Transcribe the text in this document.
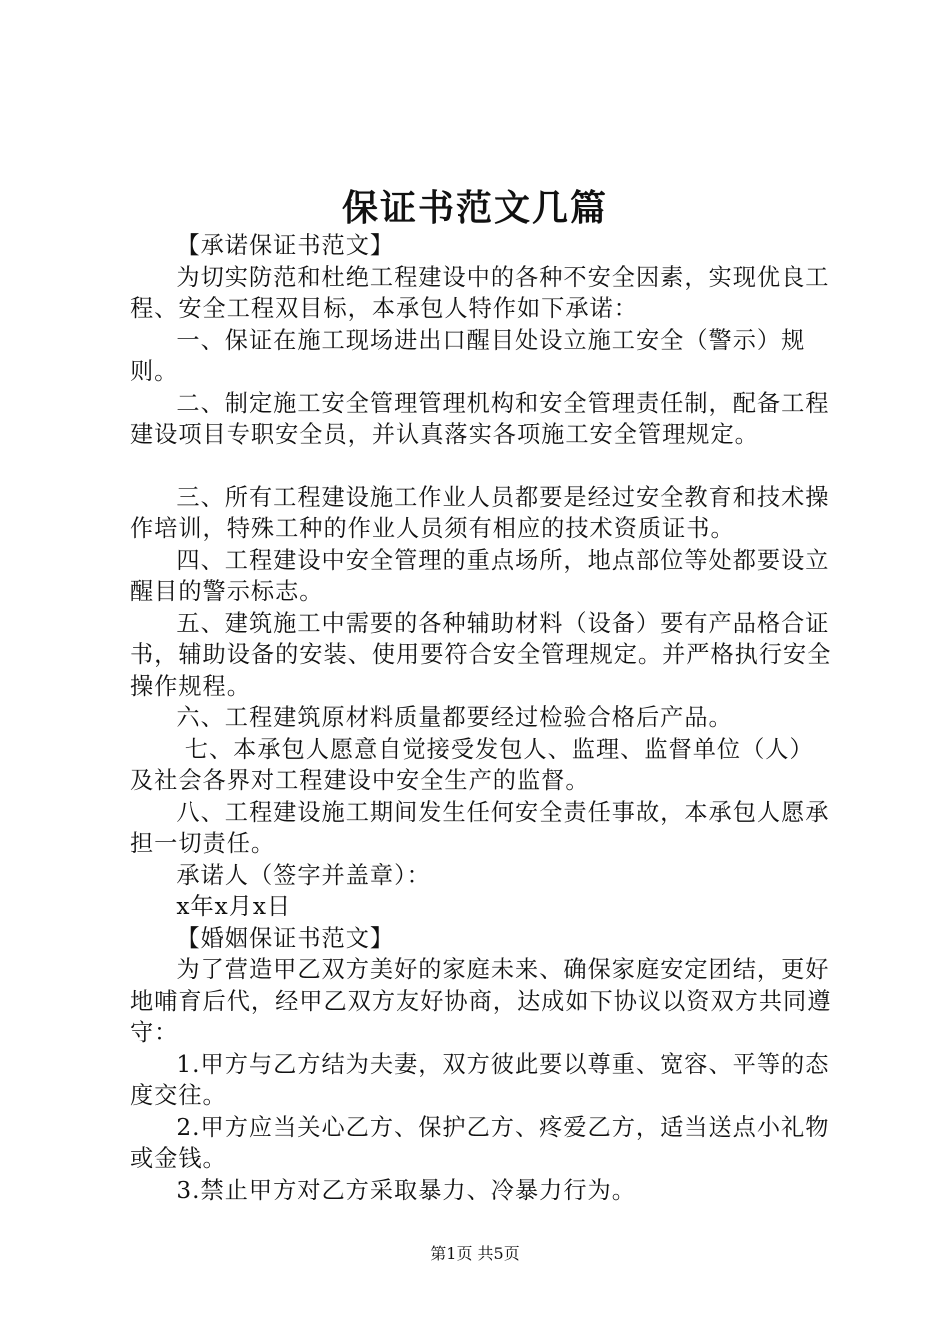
保证书范文几篇

【承诺保证书范文】

为切实防范和杜绝工程建设中的各种不安全因素，实现优良工程、安全工程双目标，本承包人特作如下承诺：

一、保证在施工现场进出口醒目处设立施工安全（警示）规则。

二、制定施工安全管理管理机构和安全管理责任制，配备工程建设项目专职安全员，并认真落实各项施工安全管理规定。

三、所有工程建设施工作业人员都要是经过安全教育和技术操作培训，特殊工种的作业人员须有相应的技术资质证书。

四、工程建设中安全管理的重点场所，地点部位等处都要设立醒目的警示标志。

五、建筑施工中需要的各种辅助材料（设备）要有产品格合证书，辅助设备的安装、使用要符合安全管理规定。并严格执行安全操作规程。

六、工程建筑原材料质量都要经过检验合格后产品。

七、本承包人愿意自觉接受发包人、监理、监督单位（人）及社会各界对工程建设中安全生产的监督。

八、工程建设施工期间发生任何安全责任事故，本承包人愿承担一切责任。

承诺人（签字并盖章）：

x年x月x日

【婚姻保证书范文】

为了营造甲乙双方美好的家庭未来、确保家庭安定团结，更好地哺育后代，经甲乙双方友好协商，达成如下协议以资双方共同遵守：

1.甲方与乙方结为夫妻，双方彼此要以尊重、宽容、平等的态度交往。

2.甲方应当关心乙方、保护乙方、疼爱乙方，适当送点小礼物或金钱。

3.禁止甲方对乙方采取暴力、冷暴力行为。

第1页 共5页
